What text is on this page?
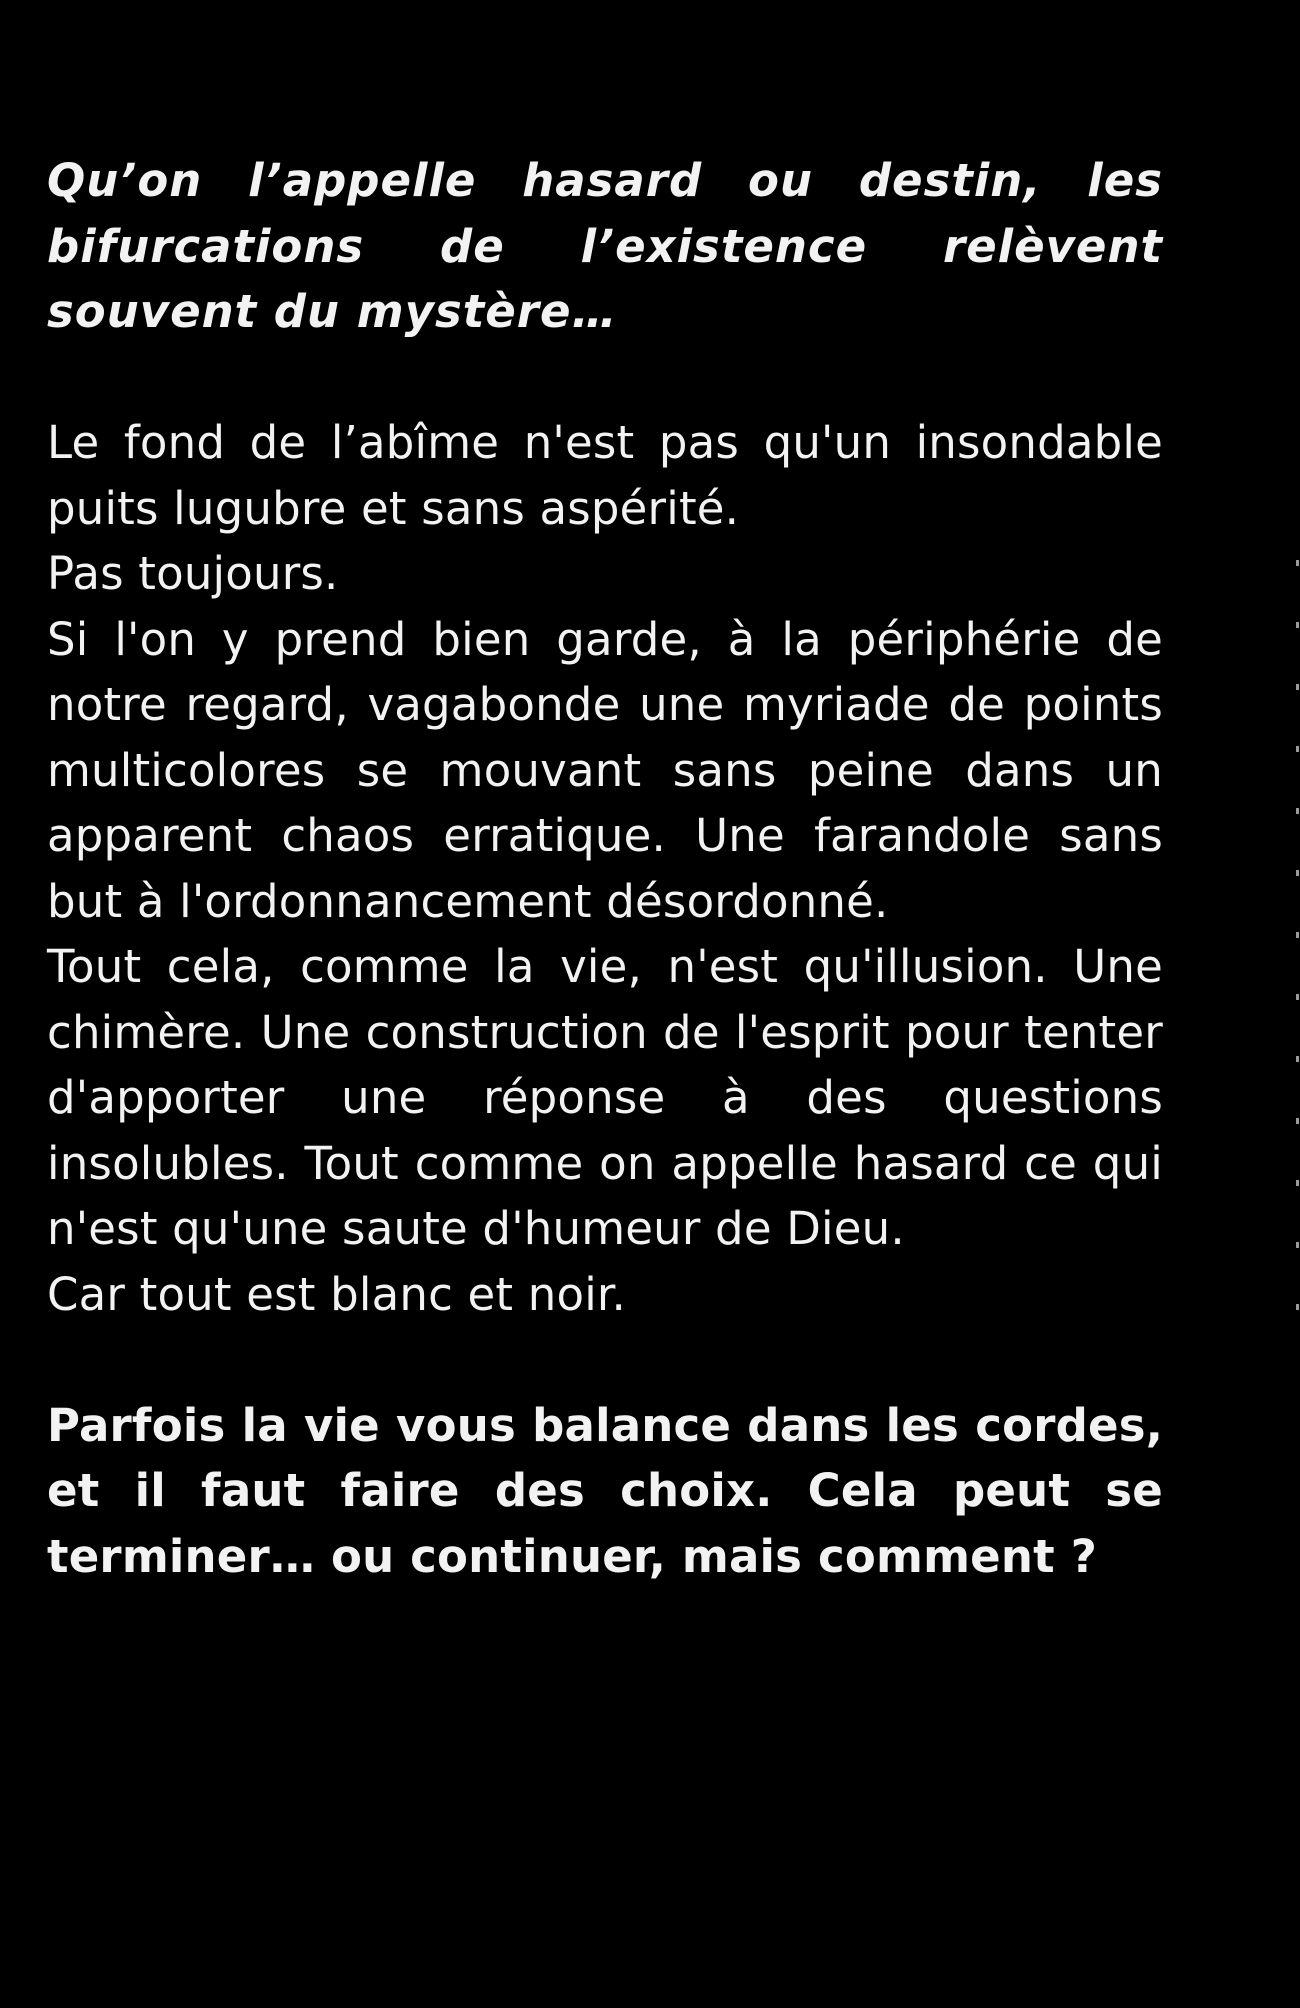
Qu’on l’appelle hasard ou destin, les bifurcations de l’existence relèvent souvent du mystère…

Le fond de l’abîme n'est pas qu'un insondable puits lugubre et sans aspérité.

Pas toujours.

Si l'on y prend bien garde, à la périphérie de notre regard, vagabonde une myriade de points multicolores se mouvant sans peine dans un apparent chaos erratique. Une farandole sans but à l'ordonnancement désordonné.

Tout cela, comme la vie, n'est qu'illusion. Une chimère. Une construction de l'esprit pour tenter d'apporter une réponse à des questions insolubles. Tout comme on appelle hasard ce qui n'est qu'une saute d'humeur de Dieu.

Car tout est blanc et noir.

Parfois la vie vous balance dans les cordes, et il faut faire des choix. Cela peut se terminer… ou continuer, mais comment ?
